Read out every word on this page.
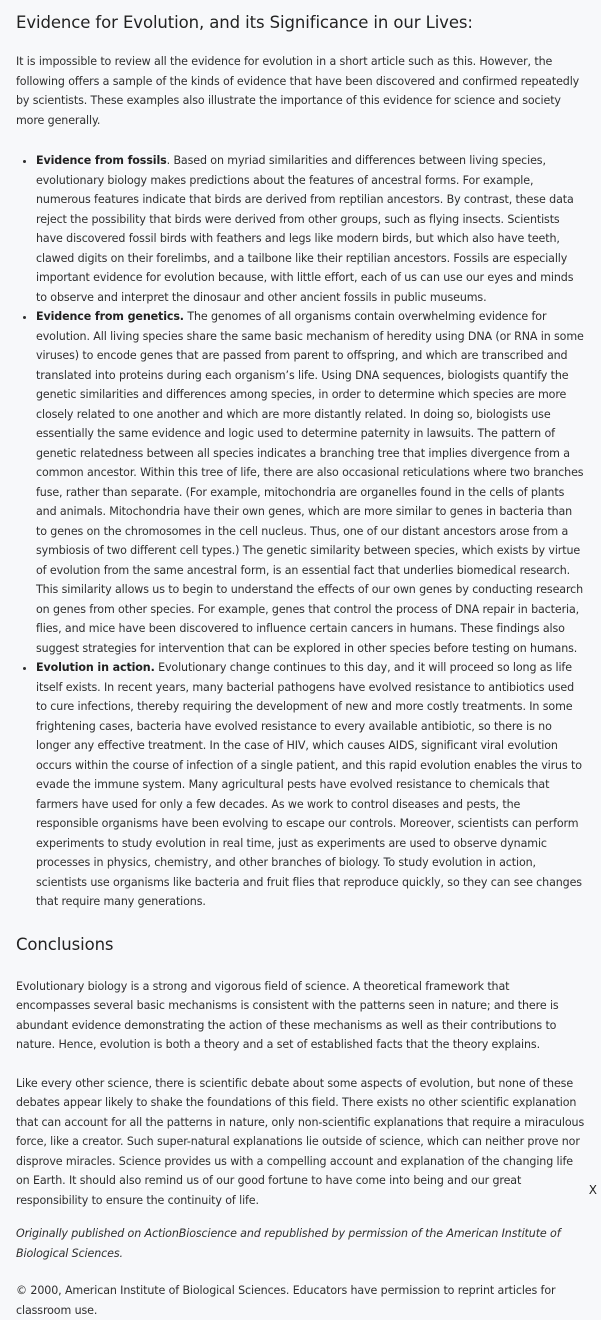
Evidence for Evolution, and its Significance in our Lives:

It is impossible to review all the evidence for evolution in a short article such as this. However, the following offers a sample of the kinds of evidence that have been discovered and confirmed repeatedly by scientists. These examples also illustrate the importance of this evidence for science and society more generally.

• Evidence from fossils. Based on myriad similarities and differences between living species, evolutionary biology makes predictions about the features of ancestral forms. For example, numerous features indicate that birds are derived from reptilian ancestors. By contrast, these data reject the possibility that birds were derived from other groups, such as flying insects. Scientists have discovered fossil birds with feathers and legs like modern birds, but which also have teeth, clawed digits on their forelimbs, and a tailbone like their reptilian ancestors. Fossils are especially important evidence for evolution because, with little effort, each of us can use our eyes and minds to observe and interpret the dinosaur and other ancient fossils in public museums.
• Evidence from genetics. The genomes of all organisms contain overwhelming evidence for evolution. All living species share the same basic mechanism of heredity using DNA (or RNA in some viruses) to encode genes that are passed from parent to offspring, and which are transcribed and translated into proteins during each organism’s life. Using DNA sequences, biologists quantify the genetic similarities and differences among species, in order to determine which species are more closely related to one another and which are more distantly related. In doing so, biologists use essentially the same evidence and logic used to determine paternity in lawsuits. The pattern of genetic relatedness between all species indicates a branching tree that implies divergence from a common ancestor. Within this tree of life, there are also occasional reticulations where two branches fuse, rather than separate. (For example, mitochondria are organelles found in the cells of plants and animals. Mitochondria have their own genes, which are more similar to genes in bacteria than to genes on the chromosomes in the cell nucleus. Thus, one of our distant ancestors arose from a symbiosis of two different cell types.) The genetic similarity between species, which exists by virtue of evolution from the same ancestral form, is an essential fact that underlies biomedical research. This similarity allows us to begin to understand the effects of our own genes by conducting research on genes from other species. For example, genes that control the process of DNA repair in bacteria, flies, and mice have been discovered to influence certain cancers in humans. These findings also suggest strategies for intervention that can be explored in other species before testing on humans.
• Evolution in action. Evolutionary change continues to this day, and it will proceed so long as life itself exists. In recent years, many bacterial pathogens have evolved resistance to antibiotics used to cure infections, thereby requiring the development of new and more costly treatments. In some frightening cases, bacteria have evolved resistance to every available antibiotic, so there is no longer any effective treatment. In the case of HIV, which causes AIDS, significant viral evolution occurs within the course of infection of a single patient, and this rapid evolution enables the virus to evade the immune system. Many agricultural pests have evolved resistance to chemicals that farmers have used for only a few decades. As we work to control diseases and pests, the responsible organisms have been evolving to escape our controls. Moreover, scientists can perform experiments to study evolution in real time, just as experiments are used to observe dynamic processes in physics, chemistry, and other branches of biology. To study evolution in action, scientists use organisms like bacteria and fruit flies that reproduce quickly, so they can see changes that require many generations.
Conclusions

Evolutionary biology is a strong and vigorous field of science. A theoretical framework that encompasses several basic mechanisms is consistent with the patterns seen in nature; and there is abundant evidence demonstrating the action of these mechanisms as well as their contributions to nature. Hence, evolution is both a theory and a set of established facts that the theory explains.

Like every other science, there is scientific debate about some aspects of evolution, but none of these debates appear likely to shake the foundations of this field. There exists no other scientific explanation that can account for all the patterns in nature, only non-scientific explanations that require a miraculous force, like a creator. Such super-natural explanations lie outside of science, which can neither prove nor disprove miracles. Science provides us with a compelling account and explanation of the changing life on Earth. It should also remind us of our good fortune to have come into being and our great responsibility to ensure the continuity of life.

Originally published on ActionBioscience and republished by permission of the American Institute of Biological Sciences.

© 2000, American Institute of Biological Sciences. Educators have permission to reprint articles for classroom use.

X
